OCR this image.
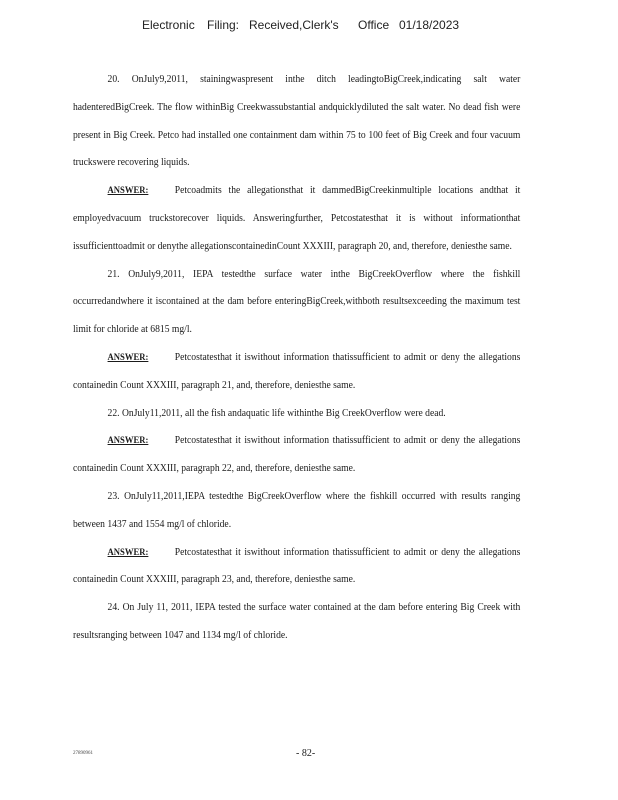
Electronic

Filing:

Received,Clerk's

Office

01/18/2023

20. OnJuly9,2011, stainingwaspresent inthe ditch leadingtoBigCreek,indicating salt water hadenteredBigCreek. The flow withinBig Creekwassubstantial andquicklydiluted the salt water. No dead fish were present in Big Creek. Petco had installed one containment dam within 75 to 100 feet of Big Creek and four vacuum truckswere recovering liquids.

ANSWER:	Petcoadmits the allegationsthat it dammedBigCreekinmultiple locations andthat it employedvacuum truckstorecover liquids. Answeringfurther, Petcostatesthat it is without informationthat issufficienttoadmit or denythe allegationscontainedinCount XXXIII, paragraph 20, and, therefore, deniesthe same.

21. OnJuly9,2011, IEPA testedthe surface water inthe BigCreekOverflow where the fishkill occurredandwhere it iscontained at the dam before enteringBigCreek,withboth resultsexceeding the maximum test limit for chloride at 6815 mg/l.

ANSWER:	Petcostatesthat it iswithout information thatissufficient to admit or deny the allegations containedin Count XXXIII, paragraph 21, and, therefore, deniesthe same.

22. OnJuly11,2011, all the fish andaquatic life withinthe Big CreekOverflow were dead.

ANSWER:	Petcostatesthat it iswithout information thatissufficient to admit or deny the allegations containedin Count XXXIII, paragraph 22, and, therefore, deniesthe same.

23. OnJuly11,2011,IEPA testedthe BigCreekOverflow where the fishkill occurred with results ranging between 1437 and 1554 mg/l of chloride.

ANSWER:	Petcostatesthat it iswithout information thatissufficient to admit or deny the allegations containedin Count XXXIII, paragraph 23, and, therefore, deniesthe same.

24. On July 11, 2011, IEPA tested the surface water contained at the dam before entering Big Creek with resultsranging between 1047 and 1134 mg/l of chloride.

27890961	- 82-
